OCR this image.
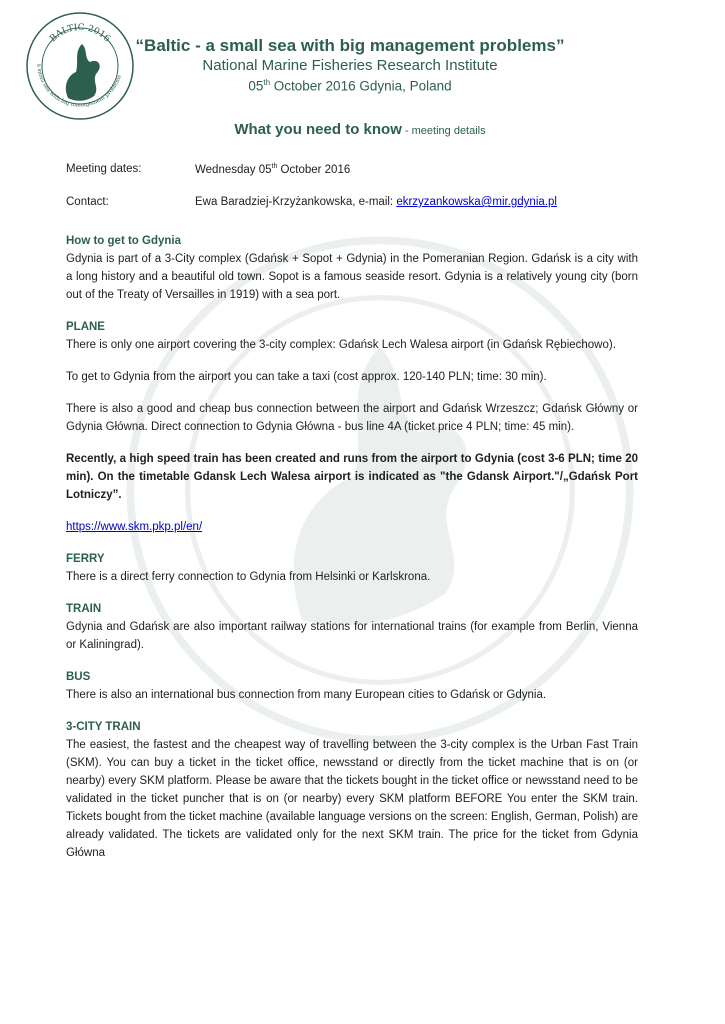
BALTIC 2016
a small sea with big management problems
“Baltic - a small sea with big management problems”
National Marine Fisheries Research Institute
05th October 2016 Gdynia, Poland
What you need to know - meeting details
Meeting dates:	Wednesday 05th October 2016
Contact:	Ewa Baradziej-Krzyżankowska, e-mail: ekrzyzankowska@mir.gdynia.pl
How to get to Gdynia

Gdynia is part of a 3-City complex (Gdańsk + Sopot + Gdynia) in the Pomeranian Region. Gdańsk is a city with a long history and a beautiful old town. Sopot is a famous seaside resort. Gdynia is a relatively young city (born out of the Treaty of Versailles in 1919) with a sea port.

PLANE

There is only one airport covering the 3-city complex: Gdańsk Lech Walesa airport (in Gdańsk Rębiechowo).

To get to Gdynia from the airport you can take a taxi (cost approx. 120-140 PLN; time: 30 min).

There is also a good and cheap bus connection between the airport and Gdańsk Wrzeszcz; Gdańsk Główny or Gdynia Główna. Direct connection to Gdynia Główna - bus line 4A (ticket price 4 PLN; time: 45 min).

Recently, a high speed train has been created and runs from the airport to Gdynia (cost 3-6 PLN; time 20 min). On the timetable Gdansk Lech Walesa airport is indicated as "the Gdansk Airport."/„Gdańsk Port Lotniczy”.

https://www.skm.pkp.pl/en/

FERRY

There is a direct ferry connection to Gdynia from Helsinki or Karlskrona.

TRAIN

Gdynia and Gdańsk are also important railway stations for international trains (for example from Berlin, Vienna or Kaliningrad).

BUS

There is also an international bus connection from many European cities to Gdańsk or Gdynia.

3-CITY TRAIN

The easiest, the fastest and the cheapest way of travelling between the 3-city complex is the Urban Fast Train (SKM). You can buy a ticket in the ticket office, newsstand or directly from the ticket machine that is on (or nearby) every SKM platform. Please be aware that the tickets bought in the ticket office or newsstand need to be validated in the ticket puncher that is on (or nearby) every SKM platform BEFORE You enter the SKM train. Tickets bought from the ticket machine (available language versions on the screen: English, German, Polish) are already validated. The tickets are validated only for the next SKM train. The price for the ticket from Gdynia Główna
